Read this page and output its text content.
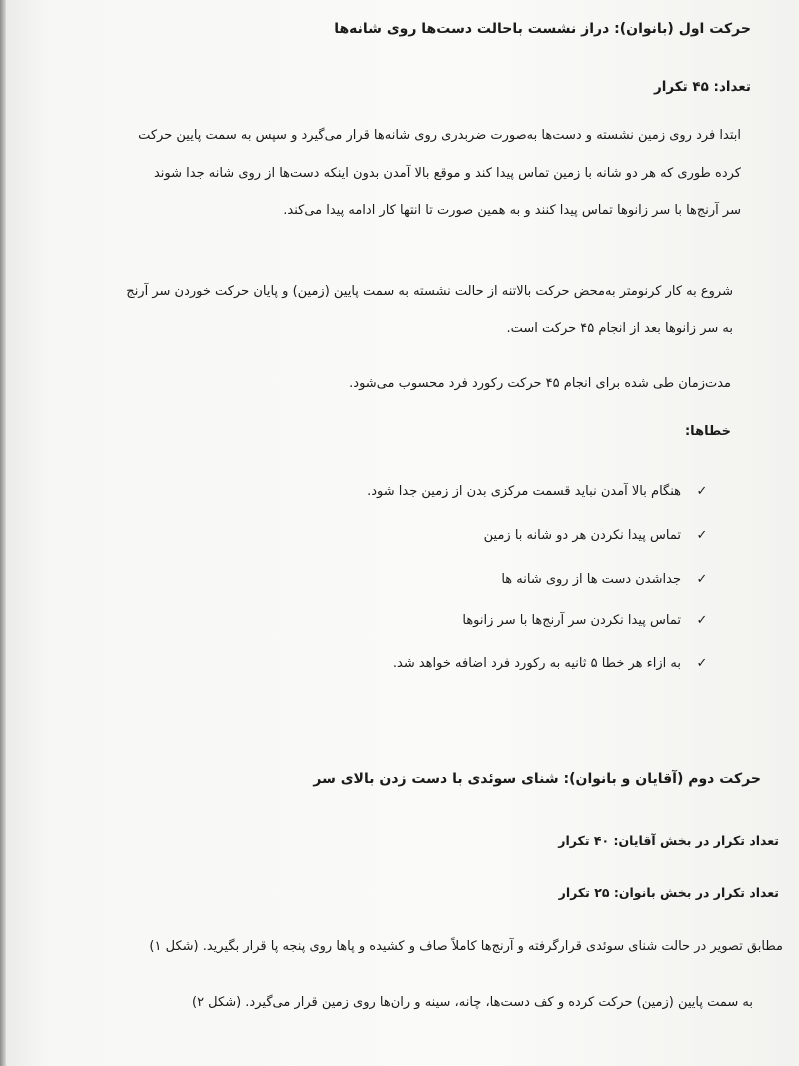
حرکت اول (بانوان): دراز نشست باحالت دست‌ها روی شانه‌ها
تعداد: ۴۵ تکرار
ابتدا فرد روی زمین نشسته و دست‌ها به‌صورت ضربدری روی شانه‌ها قرار می‌گیرد و سپس به سمت پایین حرکت
کرده طوری که هر دو شانه با زمین تماس پیدا کند و موقع بالا آمدن بدون اینکه دست‌ها از روی شانه جدا شوند
سر آرنج‌ها با سر زانوها تماس پیدا کنند و به همین صورت تا انتها کار ادامه پیدا می‌کند.
شروع به کار کرنومتر به‌محض حرکت بالاتنه از حالت نشسته به سمت پایین (زمین) و پایان حرکت خوردن سر آرنج
به سر زانوها بعد از انجام ۴۵ حرکت است.
مدت‌زمان طی شده برای انجام ۴۵ حرکت رکورد فرد محسوب می‌شود.
خطاها:
✓هنگام بالا آمدن نباید قسمت مرکزی بدن از زمین جدا شود.
✓تماس پیدا نکردن هر دو شانه با زمین
✓جداشدن دست ها از روی شانه ها
✓تماس پیدا نکردن سر آرنج‌ها با سر زانوها
✓به ازاء هر خطا ۵ ثانیه به رکورد فرد اضافه خواهد شد.
حرکت دوم (آقایان و بانوان): شنای سوئدی با دست زدن بالای سر
تعداد تکرار در بخش آقایان: ۴۰ تکرار
تعداد تکرار در بخش بانوان: ۲۵ تکرار
مطابق تصویر در حالت شنای سوئدی قرارگرفته و آرنج‌ها کاملاً صاف و کشیده و پاها روی پنجه پا قرار بگیرید. (شکل ۱)
به سمت پایین (زمین) حرکت کرده و کف دست‌ها، چانه، سینه و ران‌ها روی زمین قرار می‌گیرد. (شکل ۲)
